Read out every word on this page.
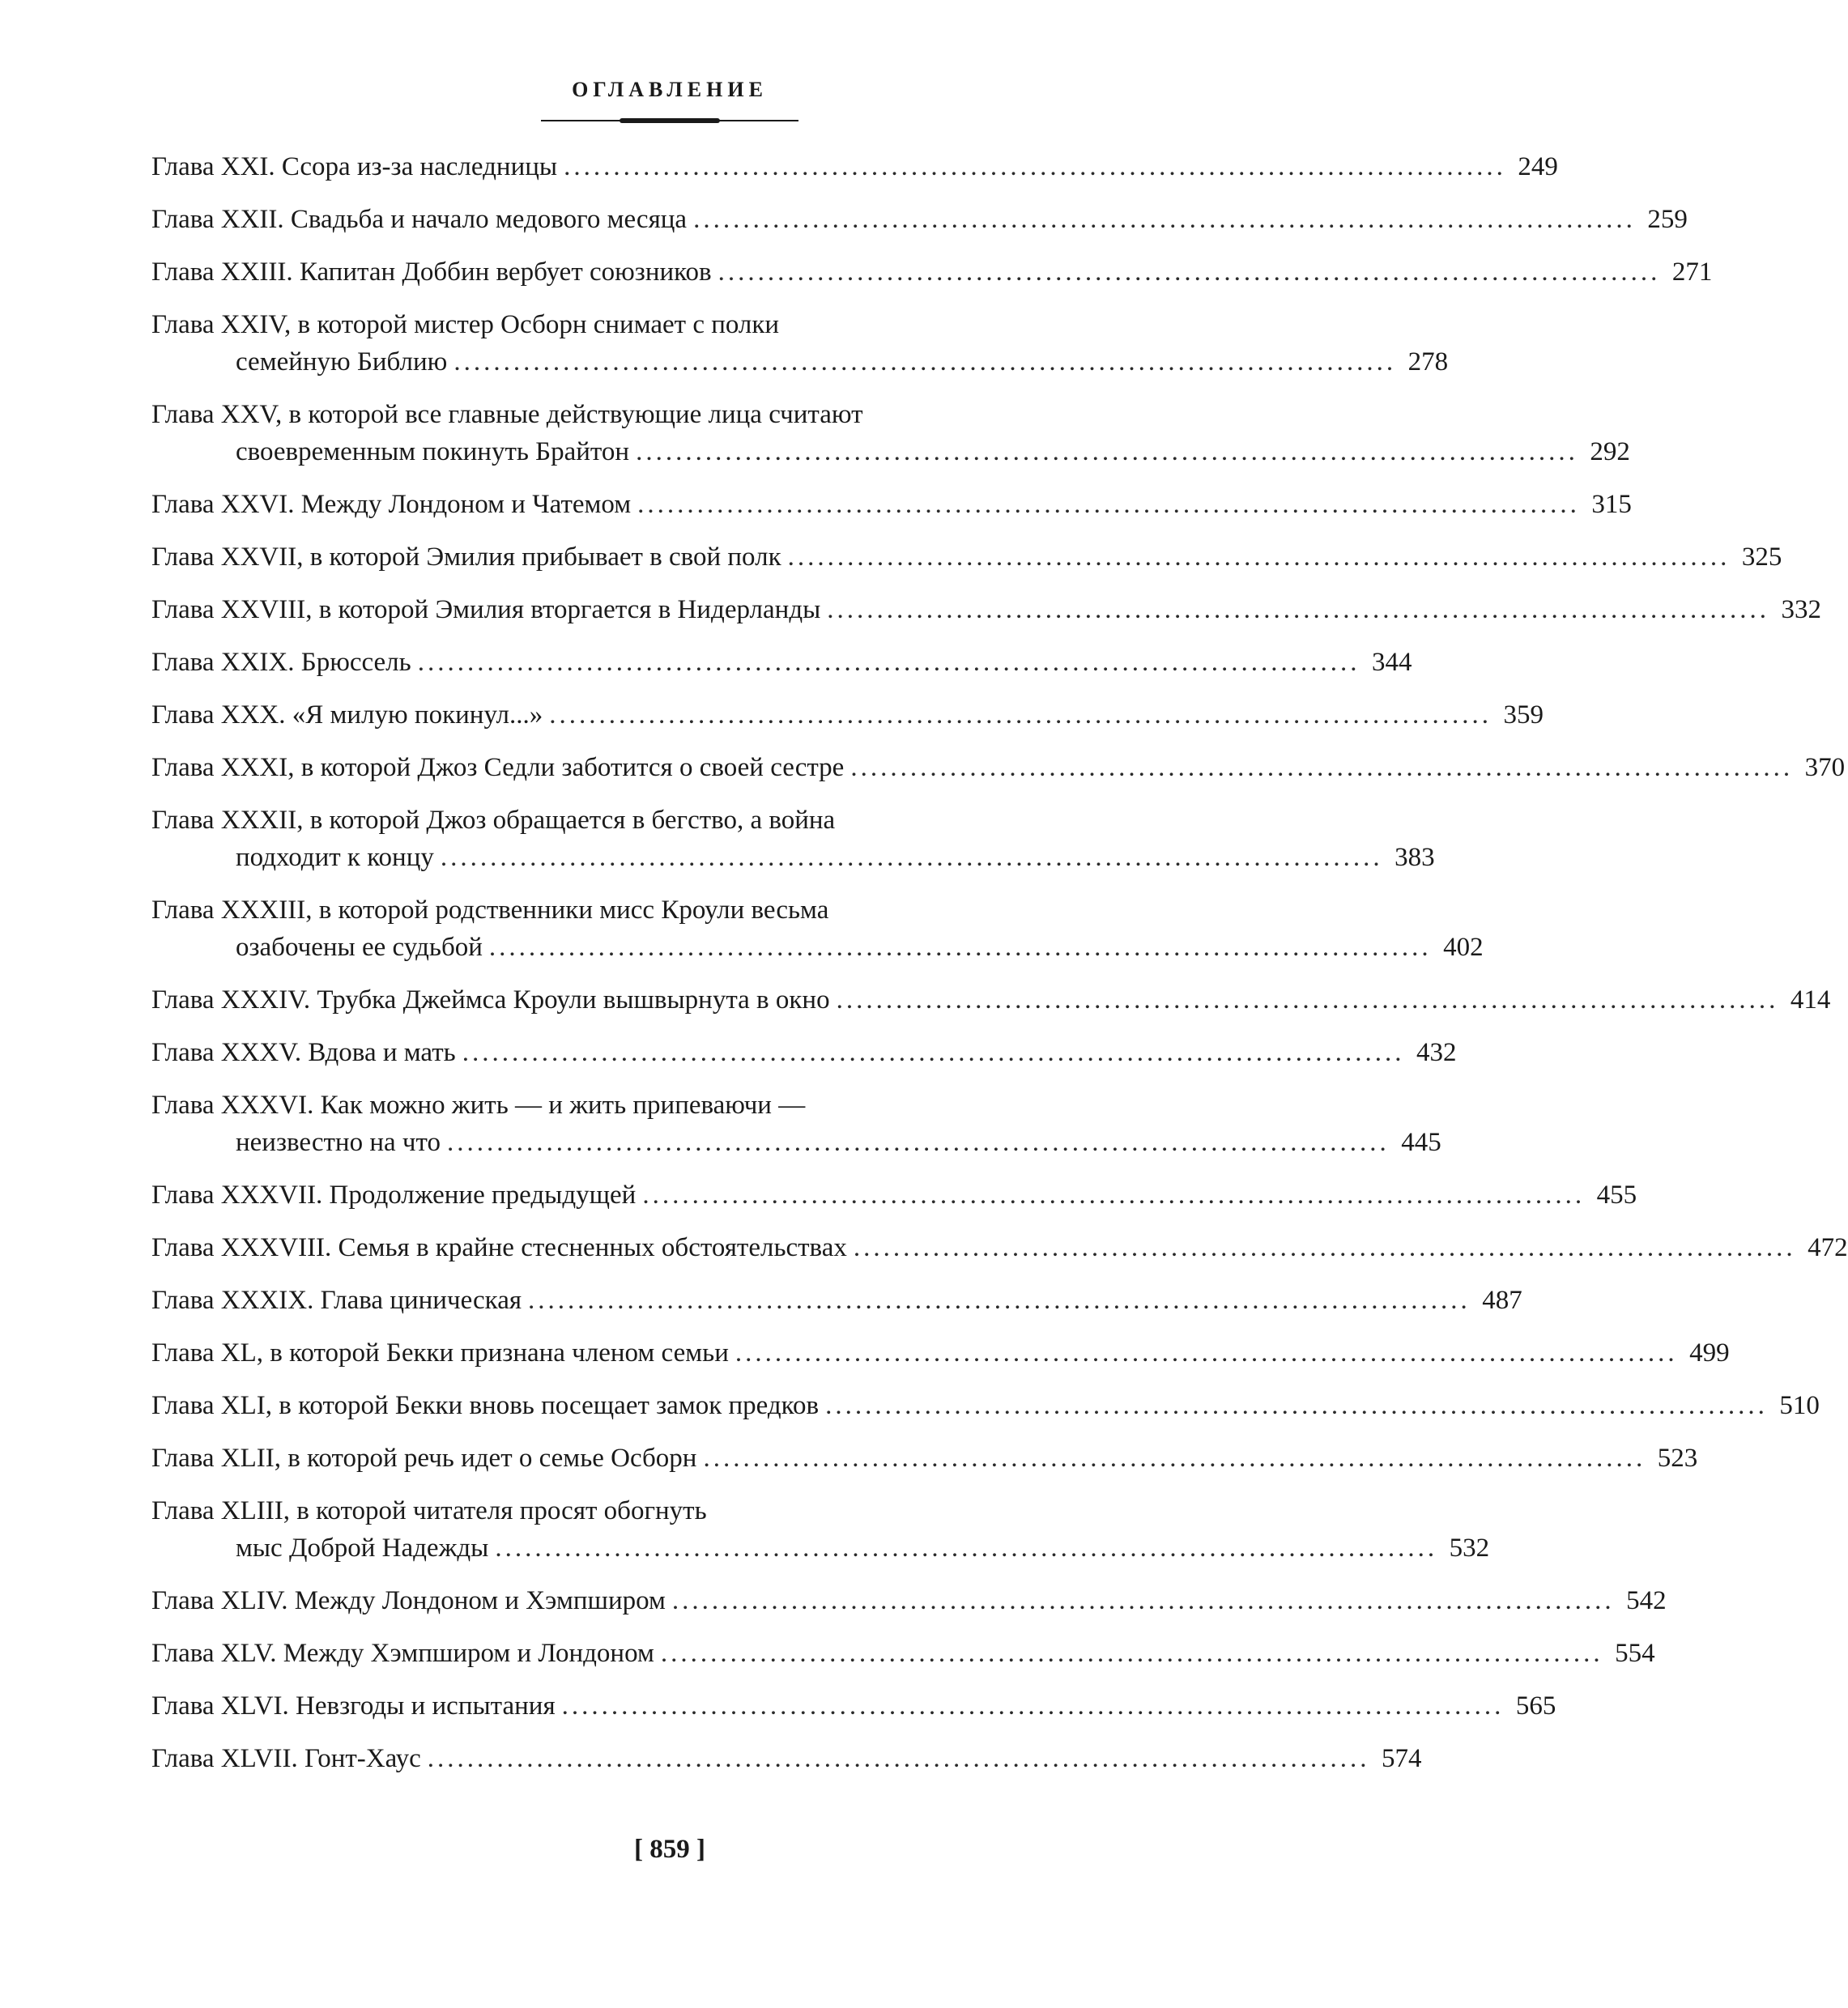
ОГЛАВЛЕНИЕ
Глава XXI. Ссора из-за наследницы ............................................................................................... 249
Глава XXII. Свадьба и начало медового месяца ............................................................................................... 259
Глава XXIII. Капитан Доббин вербует союзников ............................................................................................... 271
Глава XXIV, в которой мистер Осборн снимает с полки
семейную Библию ............................................................................................... 278
Глава XXV, в которой все главные действующие лица считают
своевременным покинуть Брайтон ............................................................................................... 292
Глава XXVI. Между Лондоном и Чатемом ............................................................................................... 315
Глава XXVII, в которой Эмилия прибывает в свой полк ............................................................................................... 325
Глава XXVIII, в которой Эмилия вторгается в Нидерланды ............................................................................................... 332
Глава XXIX. Брюссель ............................................................................................... 344
Глава XXX. «Я милую покинул...» ............................................................................................... 359
Глава XXXI, в которой Джоз Седли заботится о своей сестре ............................................................................................... 370
Глава XXXII, в которой Джоз обращается в бегство, а война
подходит к концу ............................................................................................... 383
Глава XXXIII, в которой родственники мисс Кроули весьма
озабочены ее судьбой ............................................................................................... 402
Глава XXXIV. Трубка Джеймса Кроули вышвырнута в окно ............................................................................................... 414
Глава XXXV. Вдова и мать ............................................................................................... 432
Глава XXXVI. Как можно жить — и жить припеваючи —
неизвестно на что ............................................................................................... 445
Глава XXXVII. Продолжение предыдущей ............................................................................................... 455
Глава XXXVIII. Семья в крайне стесненных обстоятельствах ............................................................................................... 472
Глава XXXIX. Глава циническая ............................................................................................... 487
Глава XL, в которой Бекки признана членом семьи ............................................................................................... 499
Глава XLI, в которой Бекки вновь посещает замок предков ............................................................................................... 510
Глава XLII, в которой речь идет о семье Осборн ............................................................................................... 523
Глава XLIII, в которой читателя просят обогнуть
мыс Доброй Надежды ............................................................................................... 532
Глава XLIV. Между Лондоном и Хэмпширом ............................................................................................... 542
Глава XLV. Между Хэмпширом и Лондоном ............................................................................................... 554
Глава XLVI. Невзгоды и испытания ............................................................................................... 565
Глава XLVII. Гонт-Хаус ............................................................................................... 574
[ 859 ]
